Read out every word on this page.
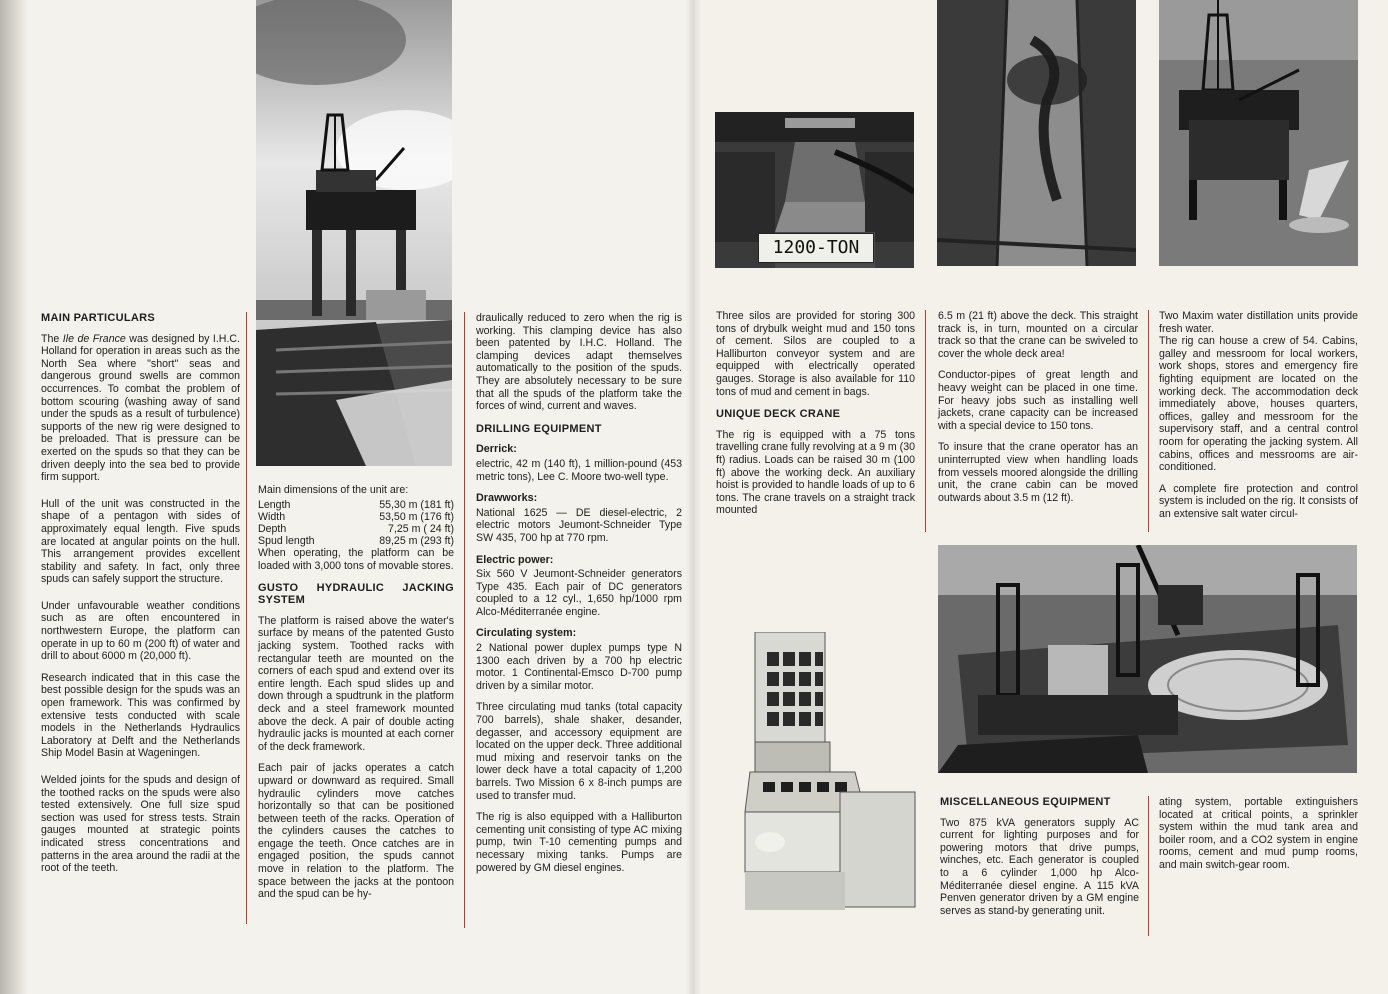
MAIN PARTICULARS

The Ile de France was designed by I.H.C. Holland for operation in areas such as the North Sea where "short" seas and dangerous ground swells are common occurrences. To combat the problem of bottom scouring (washing away of sand under the spuds as a result of turbulence) supports of the new rig were designed to be preloaded. That is pressure can be exerted on the spuds so that they can be driven deeply into the sea bed to provide firm support.

Hull of the unit was constructed in the shape of a pentagon with sides of approximately equal length. Five spuds are located at angular points on the hull. This arrangement provides excellent stability and safety. In fact, only three spuds can safely support the structure.

Under unfavourable weather conditions such as are often encountered in northwestern Europe, the platform can operate in up to 60 m (200 ft) of water and drill to about 6000 m (20,000 ft).

Research indicated that in this case the best possible design for the spuds was an open framework. This was confirmed by extensive tests conducted with scale models in the Netherlands Hydraulics Laboratory at Delft and the Netherlands Ship Model Basin at Wageningen.

Welded joints for the spuds and design of the toothed racks on the spuds were also tested extensively. One full size spud section was used for stress tests. Strain gauges mounted at strategic points indicated stress concentrations and patterns in the area around the radii at the root of the teeth.

Main dimensions of the unit are:

Length	55,30 m (181 ft)
Width	53,50 m (176 ft)
Depth	7,25 m ( 24 ft)
Spud length	89,25 m (293 ft)

When operating, the platform can be loaded with 3,000 tons of movable stores.

GUSTO HYDRAULIC JACKING SYSTEM

The platform is raised above the water's surface by means of the patented Gusto jacking system. Toothed racks with rectangular teeth are mounted on the corners of each spud and extend over its entire length. Each spud slides up and down through a spudtrunk in the platform deck and a steel framework mounted above the deck. A pair of double acting hydraulic jacks is mounted at each corner of the deck framework.

Each pair of jacks operates a catch upward or downward as required. Small hydraulic cylinders move catches horizontally so that can be positioned between teeth of the racks. Operation of the cylinders causes the catches to engage the teeth. Once catches are in engaged position, the spuds cannot move in relation to the platform. The space between the jacks at the pontoon and the spud can be hy-

draulically reduced to zero when the rig is working. This clamping device has also been patented by I.H.C. Holland. The clamping devices adapt themselves automatically to the position of the spuds. They are absolutely necessary to be sure that all the spuds of the platform take the forces of wind, current and waves.

DRILLING EQUIPMENT
Derrick:

electric, 42 m (140 ft), 1 million-pound (453 metric tons), Lee C. Moore two-well type.

Drawworks:

National 1625 — DE diesel-electric, 2 electric motors Jeumont-Schneider Type SW 435, 700 hp at 770 rpm.

Electric power:

Six 560 V Jeumont-Schneider generators Type 435. Each pair of DC generators coupled to a 12 cyl., 1,650 hp/1000 rpm Alco-Méditerranée engine.

Circulating system:

2 National power duplex pumps type N 1300 each driven by a 700 hp electric motor. 1 Continental-Emsco D-700 pump driven by a similar motor.

Three circulating mud tanks (total capacity 700 barrels), shale shaker, desander, degasser, and accessory equipment are located on the upper deck. Three additional mud mixing and reservoir tanks on the lower deck have a total capacity of 1,200 barrels. Two Mission 6 x 8-inch pumps are used to transfer mud.

The rig is also equipped with a Halliburton cementing unit consisting of type AC mixing pump, twin T-10 cementing pumps and necessary mixing tanks. Pumps are powered by GM diesel engines.

1200-TON

Three silos are provided for storing 300 tons of drybulk weight mud and 150 tons of cement. Silos are coupled to a Halliburton conveyor system and are equipped with electrically operated gauges. Storage is also available for 110 tons of mud and cement in bags.

UNIQUE DECK CRANE

The rig is equipped with a 75 tons travelling crane fully revolving at a 9 m (30 ft) radius. Loads can be raised 30 m (100 ft) above the working deck. An auxiliary hoist is provided to handle loads of up to 6 tons. The crane travels on a straight track mounted

6.5 m (21 ft) above the deck. This straight track is, in turn, mounted on a circular track so that the crane can be swiveled to cover the whole deck area!

Conductor-pipes of great length and heavy weight can be placed in one time. For heavy jobs such as installing well jackets, crane capacity can be increased with a special device to 150 tons.

To insure that the crane operator has an uninterrupted view when handling loads from vessels moored alongside the drilling unit, the crane cabin can be moved outwards about 3.5 m (12 ft).

Two Maxim water distillation units provide fresh water.

The rig can house a crew of 54. Cabins, galley and messroom for local workers, work shops, stores and emergency fire fighting equipment are located on the working deck. The accommodation deck immediately above, houses quarters, offices, galley and messroom for the supervisory staff, and a central control room for operating the jacking system. All cabins, offices and messrooms are air-conditioned.

A complete fire protection and control system is included on the rig. It consists of an extensive salt water circul-

MISCELLANEOUS EQUIPMENT

Two 875 kVA generators supply AC current for lighting purposes and for powering motors that drive pumps, winches, etc. Each generator is coupled to a 6 cylinder 1,000 hp Alco-Méditerranée diesel engine. A 115 kVA Penven generator driven by a GM engine serves as stand-by generating unit.

ating system, portable extinguishers located at critical points, a sprinkler system within the mud tank area and boiler room, and a CO2 system in engine rooms, cement and mud pump rooms, and main switch-gear room.
